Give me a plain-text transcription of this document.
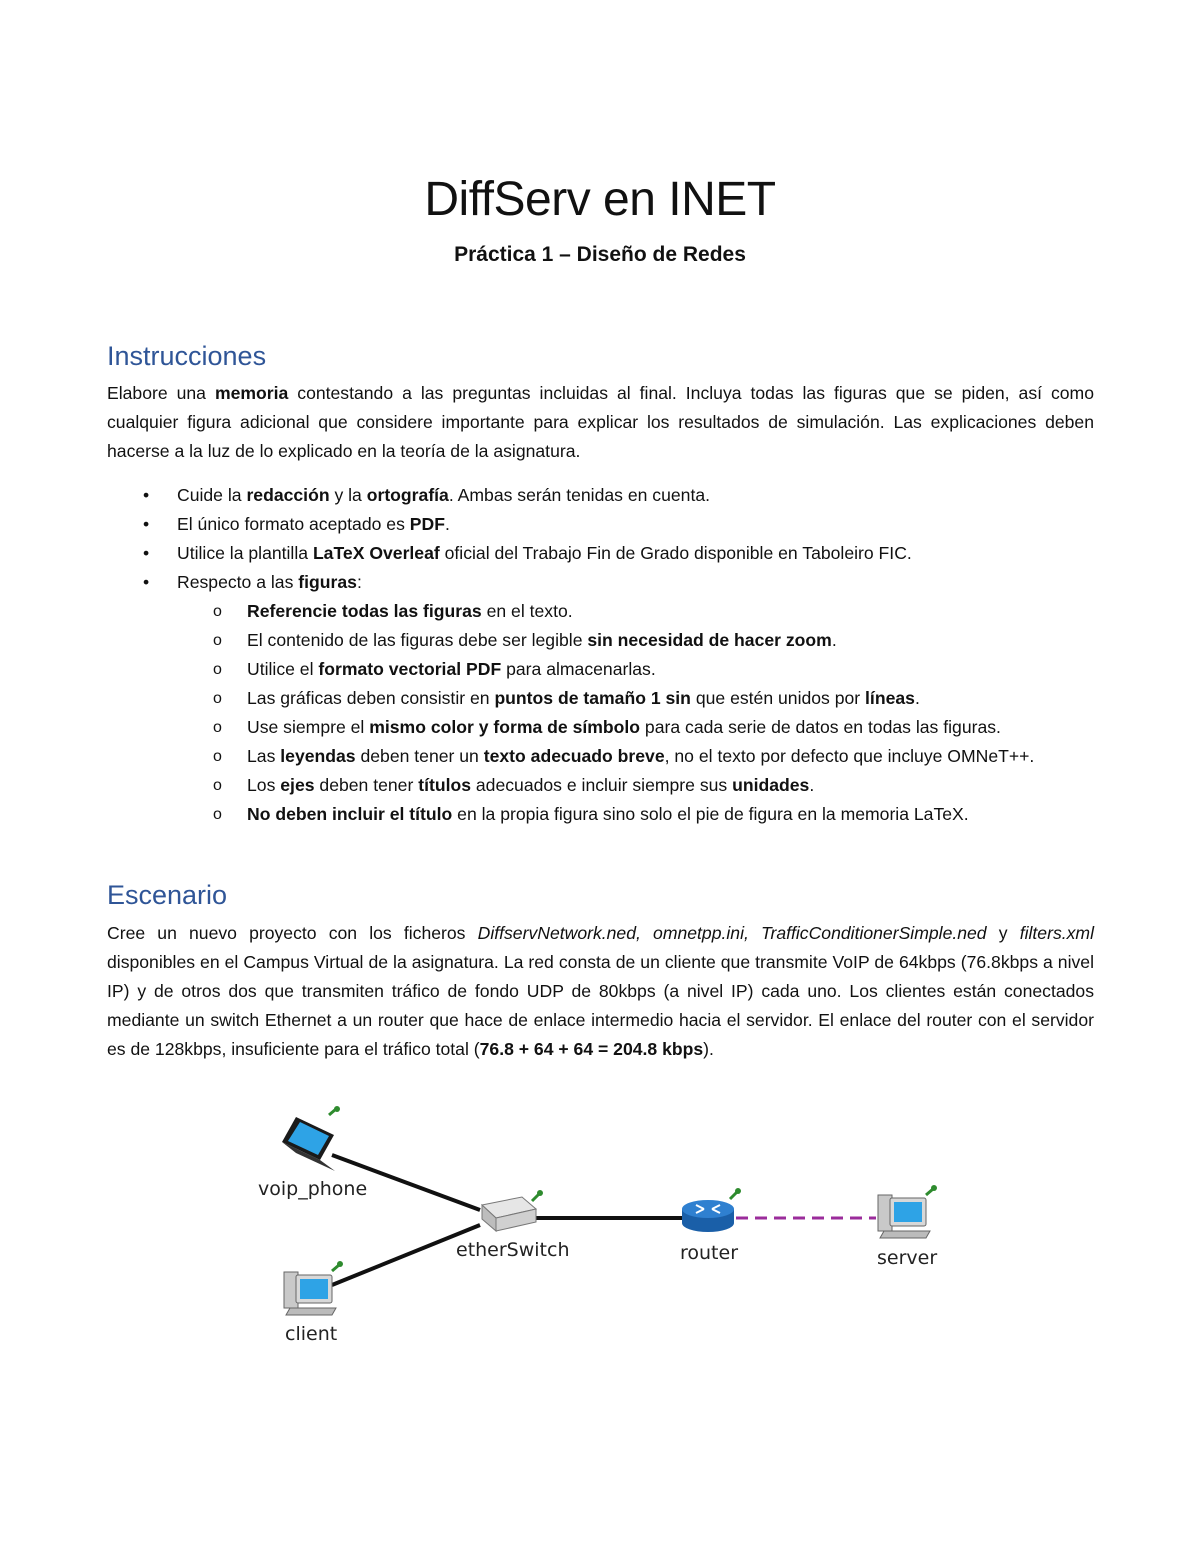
DiffServ en INET
Práctica 1 – Diseño de Redes
Instrucciones
Elabore una memoria contestando a las preguntas incluidas al final. Incluya todas las figuras que se piden, así como cualquier figura adicional que considere importante para explicar los resultados de simulación. Las explicaciones deben hacerse a la luz de lo explicado en la teoría de la asignatura.
• Cuide la redacción y la ortografía. Ambas serán tenidas en cuenta.
• El único formato aceptado es PDF.
• Utilice la plantilla LaTeX Overleaf oficial del Trabajo Fin de Grado disponible en Taboleiro FIC.
• Respecto a las figuras:
o Referencie todas las figuras en el texto.
o El contenido de las figuras debe ser legible sin necesidad de hacer zoom.
o Utilice el formato vectorial PDF para almacenarlas.
o Las gráficas deben consistir en puntos de tamaño 1 sin que estén unidos por líneas.
o Use siempre el mismo color y forma de símbolo para cada serie de datos en todas las figuras.
o Las leyendas deben tener un texto adecuado breve, no el texto por defecto que incluye OMNeT++.
o Los ejes deben tener títulos adecuados e incluir siempre sus unidades.
o No deben incluir el título en la propia figura sino solo el pie de figura en la memoria LaTeX.
Escenario
Cree un nuevo proyecto con los ficheros DiffservNetwork.ned, omnetpp.ini, TrafficConditionerSimple.ned y filters.xml disponibles en el Campus Virtual de la asignatura. La red consta de un cliente que transmite VoIP de 64kbps (76.8kbps a nivel IP) y de otros dos que transmiten tráfico de fondo UDP de 80kbps (a nivel IP) cada uno. Los clientes están conectados mediante un switch Ethernet a un router que hace de enlace intermedio hacia el servidor. El enlace del router con el servidor es de 128kbps, insuficiente para el tráfico total (76.8 + 64 + 64 = 204.8 kbps).
voip_phone
client
etherSwitch	router	server
